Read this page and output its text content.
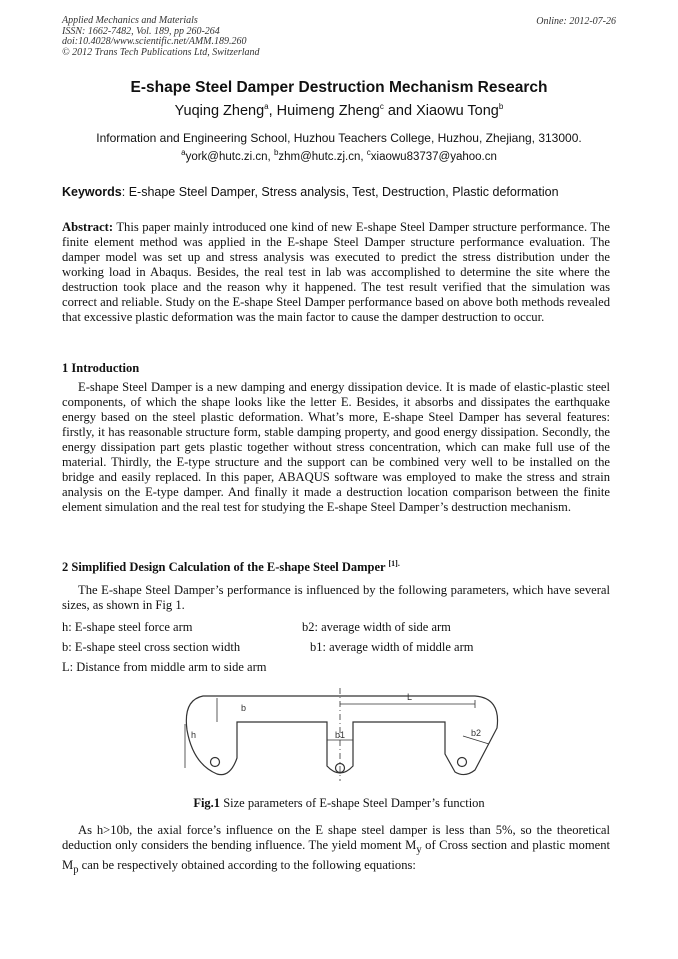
Applied Mechanics and Materials
ISSN: 1662-7482, Vol. 189, pp 260-264
doi:10.4028/www.scientific.net/AMM.189.260
© 2012 Trans Tech Publications Ltd, Switzerland
Online: 2012-07-26
E-shape Steel Damper Destruction Mechanism Research
Yuqing Zheng$^a$, Huimeng Zheng$^c$ and Xiaowu Tong$^b$
Information and Engineering School, Huzhou Teachers College, Huzhou, Zhejiang, 313000.
$^a$york@hutc.zi.cn, $^b$zhm@hutc.zj.cn, $^c$xiaowu83737@yahoo.cn
Keywords: E-shape Steel Damper, Stress analysis, Test, Destruction, Plastic deformation
Abstract: This paper mainly introduced one kind of new E-shape Steel Damper structure performance. The finite element method was applied in the E-shape Steel Damper structure performance evaluation. The damper model was set up and stress analysis was executed to predict the stress distribution under the working load in Abaqus. Besides, the real test in lab was accomplished to determine the site where the destruction took place and the reason why it happened. The test result verified that the simulation was correct and reliable. Study on the E-shape Steel Damper performance based on above both methods revealed that excessive plastic deformation was the main factor to cause the damper destruction to occur.
1 Introduction
E-shape Steel Damper is a new damping and energy dissipation device. It is made of elastic-plastic steel components, of which the shape looks like the letter E. Besides, it absorbs and dissipates the earthquake energy based on the steel plastic deformation. What’s more, E-shape Steel Damper has several features: firstly, it has reasonable structure form, stable damping property, and good energy dissipation. Secondly, the energy dissipation part gets plastic together without stress concentration, which can make full use of the material. Thirdly, the E-type structure and the support can be combined very well to be installed on the bridge and easily replaced. In this paper, ABAQUS software was employed to make the stress and strain analysis on the E-type damper. And finally it made a destruction location comparison between the finite element simulation and the real test for studying the E-shape Steel Damper’s destruction mechanism.
2 Simplified Design Calculation of the E-shape Steel Damper $^{[1].}$
The E-shape Steel Damper’s performance is influenced by the following parameters, which have several sizes, as shown in Fig 1.
h: E-shape steel force arm	b2: average width of side arm
b: E-shape steel cross section width	b1: average width of middle arm
L: Distance from middle arm to side arm
b
h	b1
L
b2
Fig.1 Size parameters of E-shape Steel Damper’s function
As h>10b, the axial force’s influence on the E shape steel damper is less than 5%, so the theoretical deduction only considers the bending influence. The yield moment $M_y$ of Cross section and plastic moment $M_p$ can be respectively obtained according to the following equations:
